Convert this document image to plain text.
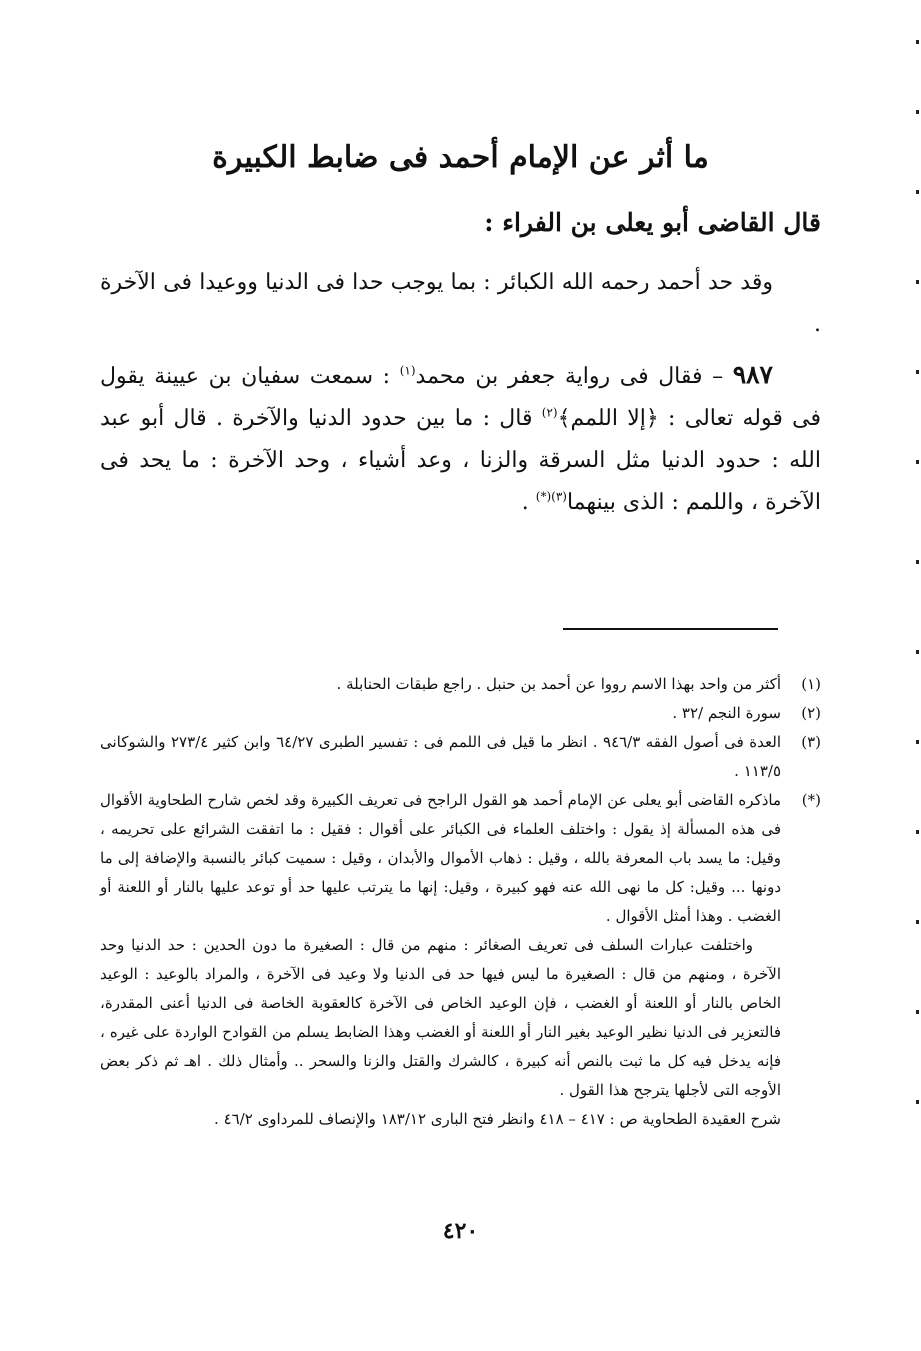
ما أثر عن الإمام أحمد فى ضابط الكبيرة
قال القاضى أبو يعلى بن الفراء :

وقد حد أحمد رحمه الله الكبائر : بما يوجب حدا فى الدنيا ووعيدا فى الآخرة .

٩٨٧ – فقال فى رواية جعفر بن محمد$^{(١)}$ : سمعت سفيان بن عيينة يقول فى قوله تعالى : ﴿إلا اللمم﴾$^{(٢)}$ قال : ما بين حدود الدنيا والآخرة . قال أبو عبد الله : حدود الدنيا مثل السرقة والزنا ، وعد أشياء ، وحد الآخرة : ما يحد فى الآخرة ، واللمم : الذى بينهما$^{(٣)(*)}$ .

(١)

أكثر من واحد بهذا الاسم رووا عن أحمد بن حنبل . راجع طبقات الحنابلة .

(٢)

سورة النجم /٣٢ .

(٣)

العدة فى أصول الفقه ٩٤٦/٣ . انظر ما قيل فى اللمم فى : تفسير الطبرى ٦٤/٢٧ وابن كثير ٢٧٣/٤ والشوكانى ١١٣/٥ .

(*)

ماذكره القاضى أبو يعلى عن الإمام أحمد هو القول الراجح فى تعريف الكبيرة وقد لخص شارح الطحاوية الأقوال فى هذه المسألة إذ يقول : واختلف العلماء فى الكبائر على أقوال : فقيل : ما اتفقت الشرائع على تحريمه ، وقيل: ما يسد باب المعرفة بالله ، وقيل : ذهاب الأموال والأبدان ، وقيل : سميت كبائر بالنسبة والإضافة إلى ما دونها ... وقيل: كل ما نهى الله عنه فهو كبيرة ، وقيل: إنها ما يترتب عليها حد أو توعد عليها بالنار أو اللعنة أو الغضب . وهذا أمثل الأقوال .

واختلفت عبارات السلف فى تعريف الصغائر : منهم من قال : الصغيرة ما دون الحدين : حد الدنيا وحد الآخرة ، ومنهم من قال : الصغيرة ما ليس فيها حد فى الدنيا ولا وعيد فى الآخرة ، والمراد بالوعيد : الوعيد الخاص بالنار أو اللعنة أو الغضب ، فإن الوعيد الخاص فى الآخرة كالعقوبة الخاصة فى الدنيا أعنى المقدرة، فالتعزير فى الدنيا نظير الوعيد بغير النار أو اللعنة أو الغضب وهذا الضابط يسلم من القوادح الواردة على غيره ، فإنه يدخل فيه كل ما ثبت بالنص أنه كبيرة ، كالشرك والقتل والزنا والسحر .. وأمثال ذلك . اهـ ثم ذكر بعض الأوجه التى لأجلها يترجح هذا القول .

شرح العقيدة الطحاوية ص : ٤١٧ – ٤١٨ وانظر فتح البارى ١٨٣/١٢ والإنصاف للمرداوى ٤٦/٢ .

٤٢٠
